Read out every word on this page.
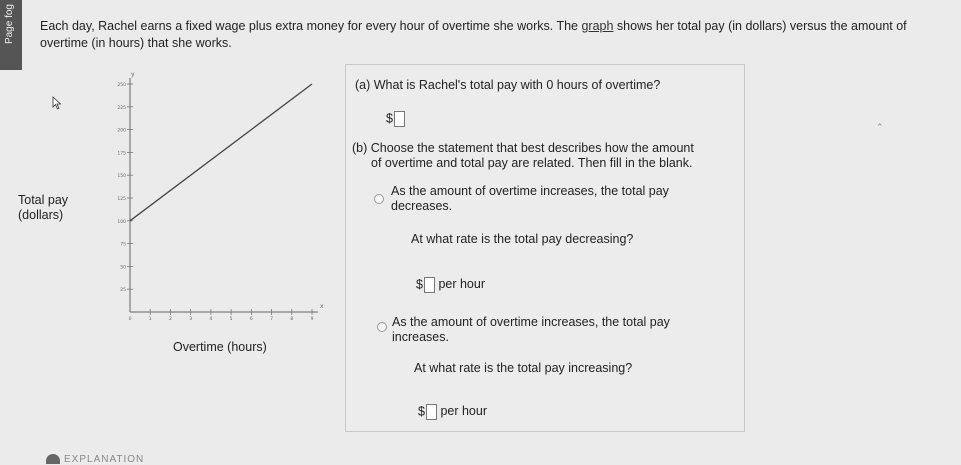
Page fog Each day, Rachel earns a fixed wage plus extra money for every hour of overtime she works. The graph shows her total pay (in dollars) versus the amount of overtime (in hours) that she works.
⌃
Total pay
(dollars)
y
x
25
50
75
100
125
150
175
200
225
250
0	1	2	3	4	5	6	7	8	9
Overtime (hours)
(a) What is Rachel's total pay with 0 hours of overtime?
$
(b) Choose the statement that best describes how the amount
of overtime and total pay are related. Then fill in the blank.
As the amount of overtime increases, the total pay
decreases.
At what rate is the total pay decreasing?
$ per hour
As the amount of overtime increases, the total pay
increases.
At what rate is the total pay increasing?
$ per hour
EXPLANATION
